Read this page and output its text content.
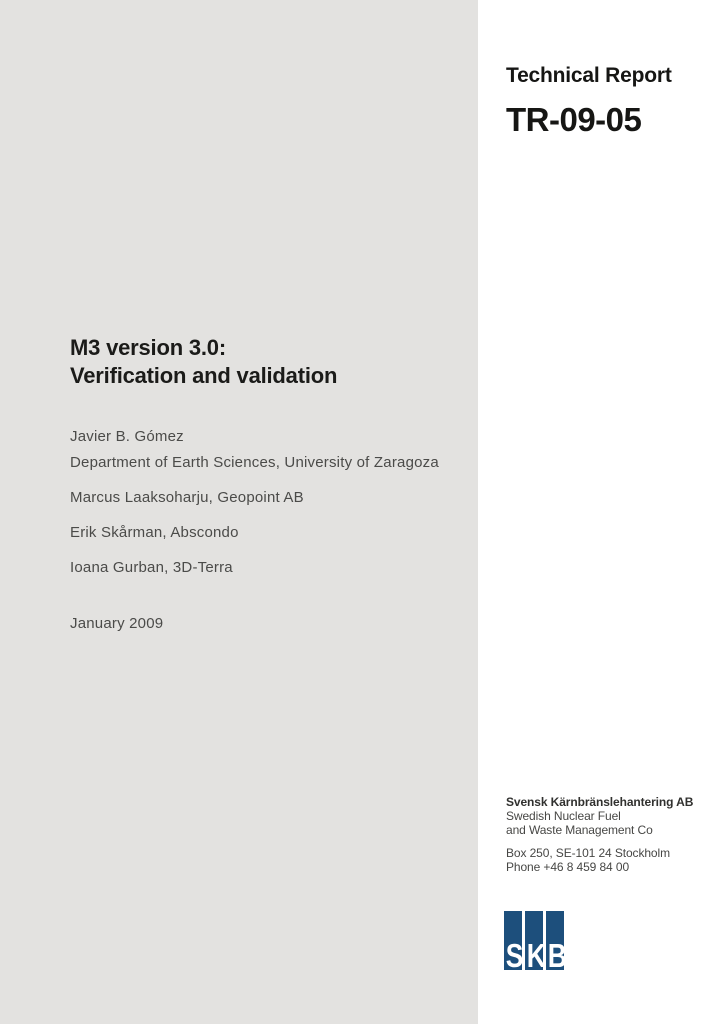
Technical Report
TR-09-05
M3 version 3.0:
Verification and validation
Javier B. Gómez
Department of Earth Sciences, University of Zaragoza
Marcus Laaksoharju, Geopoint AB
Erik Skårman, Abscondo
Ioana Gurban, 3D-Terra
January 2009
Svensk Kärnbränslehantering AB
Swedish Nuclear Fuel
and Waste Management Co
Box 250, SE-101 24 Stockholm
Phone +46 8 459 84 00
S K B
